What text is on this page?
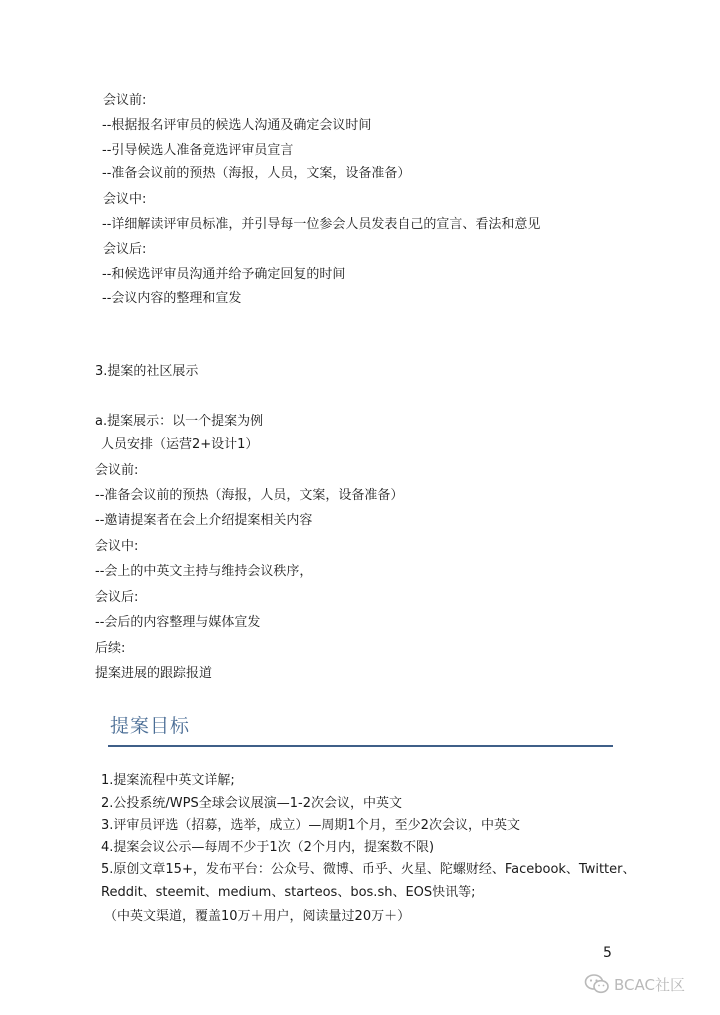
会议前:
--根据报名评审员的候选人沟通及确定会议时间
--引导候选人准备竟选评审员宣言
--准备会议前的预热（海报，人员，文案，设备准备）
会议中:
--详细解读评审员标准，并引导每一位参会人员发表自己的宣言、看法和意见
会议后:
--和候选评审员沟通并给予确定回复的时间
--会议内容的整理和宣发
3.提案的社区展示
a.提案展示：以一个提案为例
人员安排（运营2+设计1）
会议前:
--准备会议前的预热（海报，人员，文案，设备准备）
--邀请提案者在会上介绍提案相关内容
会议中:
--会上的中英文主持与维持会议秩序，
会议后:
--会后的内容整理与媒体宣发
后续:
提案进展的跟踪报道
提案目标
1.提案流程中英文详解;
2.公投系统/WPS全球会议展演—1-2次会议，中英文
3.评审员评选（招募，选举，成立）—周期1个月，至少2次会议，中英文
4.提案会议公示—每周不少于1次（2个月内，提案数不限)
5.原创文章15+，发布平台：公众号、微博、币乎、火星、陀螺财经、Facebook、Twitter、
Reddit、steemit、medium、starteos、bos.sh、EOS快讯等;
（中英文渠道，覆盖10万＋用户，阅读量过20万＋）
5
BCAC社区
